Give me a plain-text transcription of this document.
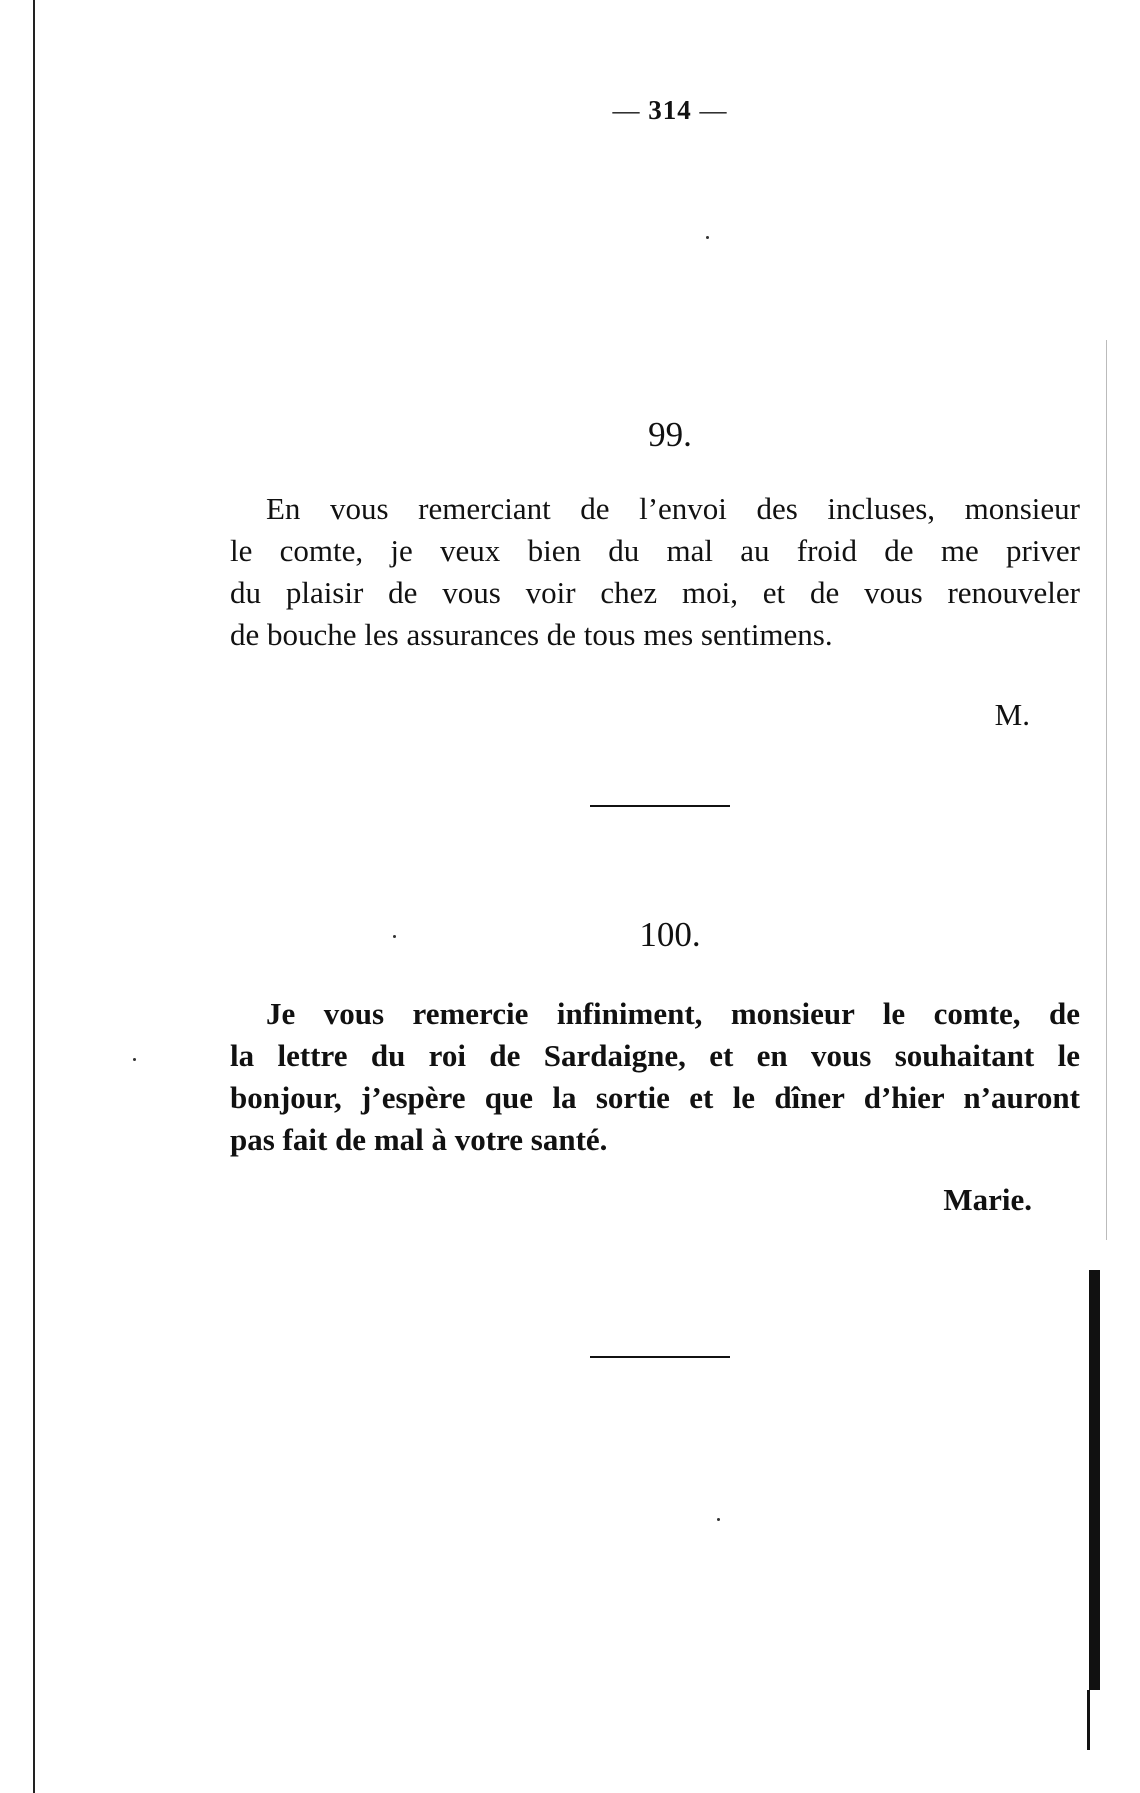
— 314 —
99.
En vous remerciant de l’envoi des incluses, monsieur
le comte, je veux bien du mal au froid de me priver
du plaisir de vous voir chez moi, et de vous renouveler
de bouche les assurances de tous mes sentimens.
M.
100.
Je vous remercie infiniment, monsieur le comte, de
la lettre du roi de Sardaigne, et en vous souhaitant le
bonjour, j’espère que la sortie et le dîner d’hier n’auront
pas fait de mal à votre santé.
Marie.
